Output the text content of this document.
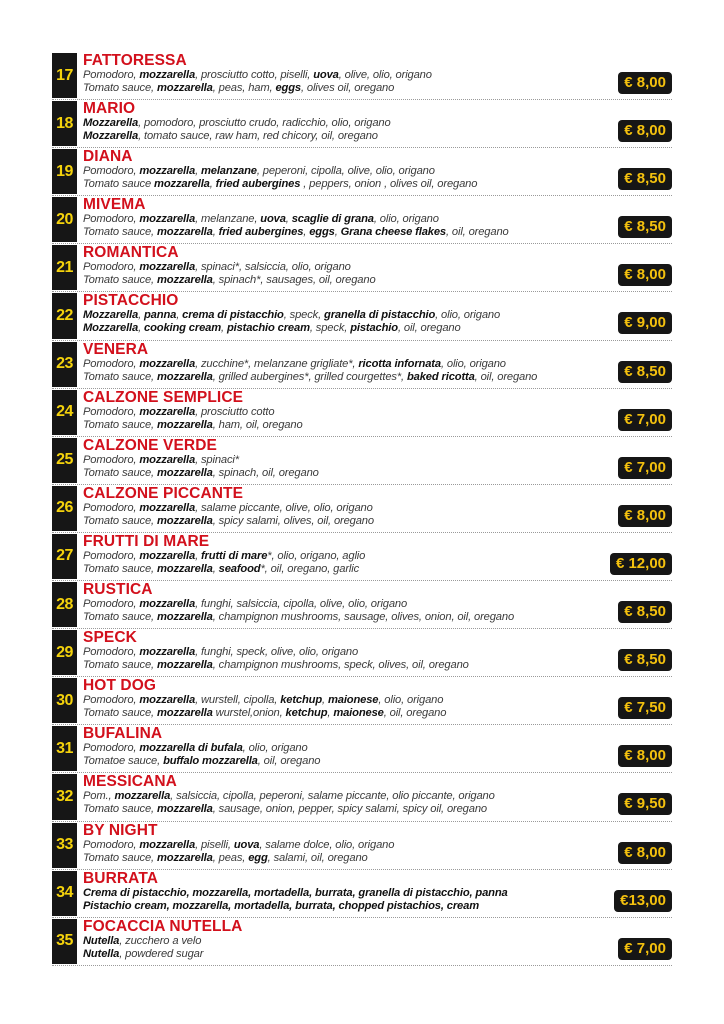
17
FATTORESSA
Pomodoro, mozzarella, prosciutto cotto, piselli, uova, olive, olio, origano
Tomato sauce, mozzarella, peas, ham, eggs, olives oil, oregano	€ 8,00
18
MARIO
Mozzarella, pomodoro, prosciutto crudo, radicchio, olio, origano
Mozzarella, tomato sauce, raw ham, red chicory, oil, oregano	€ 8,00
19
DIANA
Pomodoro, mozzarella, melanzane, peperoni, cipolla, olive, olio, origano
Tomato sauce mozzarella, fried aubergines , peppers, onion , olives oil, oregano	€ 8,50
20
MIVEMA
Pomodoro, mozzarella, melanzane, uova, scaglie di grana, olio, origano
Tomato sauce, mozzarella, fried aubergines, eggs, Grana cheese flakes, oil, oregano	€ 8,50
21
ROMANTICA
Pomodoro, mozzarella, spinaci*, salsiccia, olio, origano
Tomato sauce, mozzarella, spinach*, sausages, oil, oregano	€ 8,00
22
PISTACCHIO
Mozzarella, panna, crema di pistacchio, speck, granella di pistacchio, olio, origano
Mozzarella, cooking cream, pistachio cream, speck, pistachio, oil, oregano	€ 9,00
23
VENERA
Pomodoro, mozzarella, zucchine*, melanzane grigliate*, ricotta infornata, olio, origano
Tomato sauce, mozzarella, grilled aubergines*, grilled courgettes*, baked ricotta, oil, oregano	€ 8,50
24
CALZONE SEMPLICE
Pomodoro, mozzarella, prosciutto cotto
Tomato sauce, mozzarella, ham, oil, oregano	€ 7,00
25
CALZONE VERDE
Pomodoro, mozzarella, spinaci*
Tomato sauce, mozzarella, spinach, oil, oregano	€ 7,00
26
CALZONE PICCANTE
Pomodoro, mozzarella, salame piccante, olive, olio, origano
Tomato sauce, mozzarella, spicy salami, olives, oil, oregano	€ 8,00
27
FRUTTI DI MARE
Pomodoro, mozzarella, frutti di mare*, olio, origano, aglio
Tomato sauce, mozzarella, seafood*, oil, oregano, garlic	€ 12,00
28
RUSTICA
Pomodoro, mozzarella, funghi, salsiccia, cipolla, olive, olio, origano
Tomato sauce, mozzarella, champignon mushrooms, sausage, olives, onion, oil, oregano	€ 8,50
29
SPECK
Pomodoro, mozzarella, funghi, speck, olive, olio, origano
Tomato sauce, mozzarella, champignon mushrooms, speck, olives, oil, oregano	€ 8,50
30
HOT DOG
Pomodoro, mozzarella, wurstell, cipolla, ketchup, maionese, olio, origano
Tomato sauce, mozzarella wurstel,onion, ketchup, maionese, oil, oregano	€ 7,50
31
BUFALINA
Pomodoro, mozzarella di bufala, olio, origano
Tomatoe sauce, buffalo mozzarella, oil, oregano	€ 8,00
32
MESSICANA
Pom., mozzarella, salsiccia, cipolla, peperoni, salame piccante, olio piccante, origano
Tomato sauce, mozzarella, sausage, onion, pepper, spicy salami, spicy oil, oregano	€ 9,50
33
BY NIGHT
Pomodoro, mozzarella, piselli, uova, salame dolce, olio, origano
Tomato sauce, mozzarella, peas, egg, salami, oil, oregano	€ 8,00
34
BURRATA
Crema di pistacchio, mozzarella, mortadella, burrata, granella di pistacchio, panna
Pistachio cream, mozzarella, mortadella, burrata, chopped pistachios, cream	€13,00
35
FOCACCIA NUTELLA
Nutella, zucchero a velo
Nutella, powdered sugar	€ 7,00
